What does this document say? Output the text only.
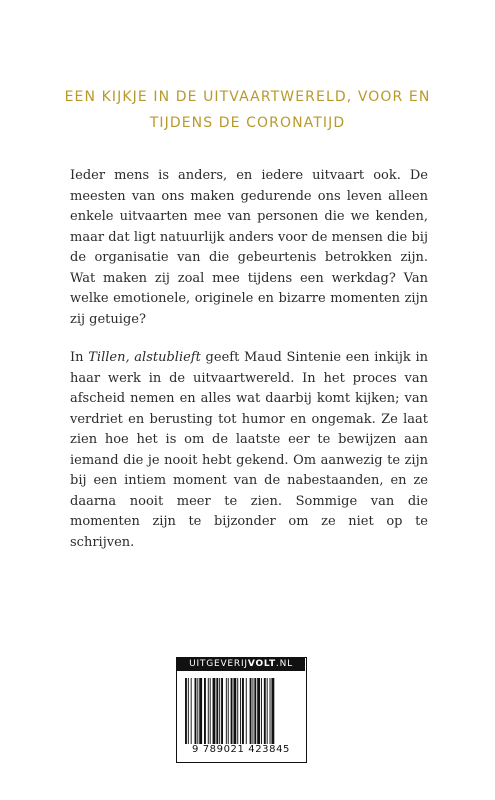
EEN KIJKJE IN DE UITVAARTWERELD, VOOR EN
TIJDENS DE CORONATIJD

Ieder mens is anders, en iedere uitvaart ook. De meesten van ons maken gedurende ons leven alleen enkele uitvaarten mee van personen die we kenden, maar dat ligt natuurlijk anders voor de mensen die bij de organisatie van die gebeurtenis betrokken zijn. Wat maken zij zoal mee tijdens een werkdag? Van welke emotionele, originele en bizarre momenten zijn zij getuige?

In Tillen, alstublieft geeft Maud Sintenie een inkijk in haar werk in de uitvaartwereld. In het proces van afscheid nemen en alles wat daarbij komt kijken; van verdriet en berusting tot humor en ongemak. Ze laat zien hoe het is om de laatste eer te bewijzen aan iemand die je nooit hebt gekend. Om aanwezig te zijn bij een intiem moment van de nabestaanden, en ze daarna nooit meer te zien. Sommige van die momenten zijn te bijzonder om ze niet op te schrijven.

UITGEVERIJVOLT.NL
9 789021 423845
